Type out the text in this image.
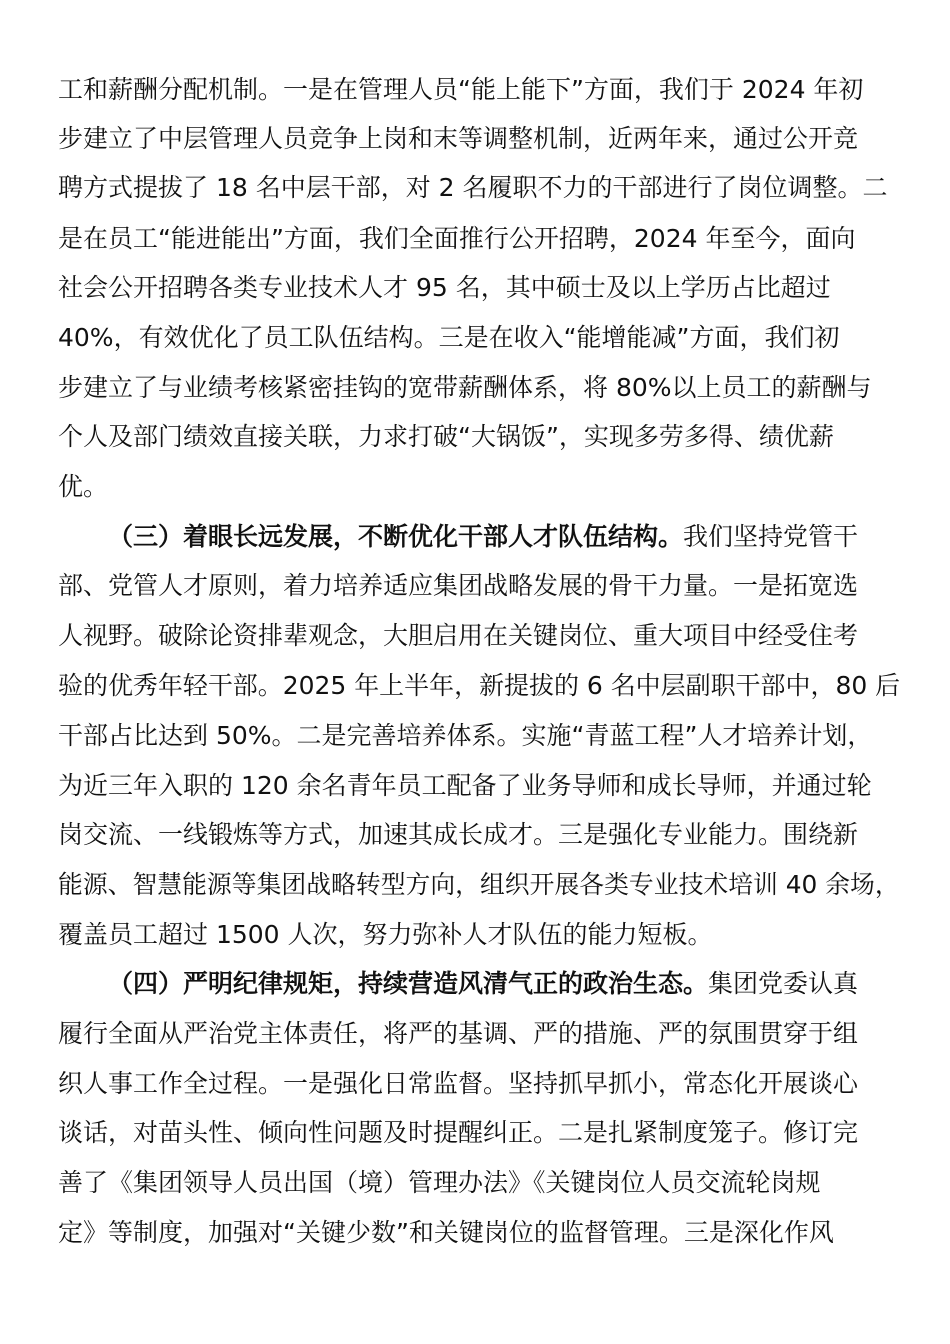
工和薪酬分配机制。一是在管理人员“能上能下”方面，我们于 2024 年初
步建立了中层管理人员竞争上岗和末等调整机制，近两年来，通过公开竞
聘方式提拔了 18 名中层干部，对 2 名履职不力的干部进行了岗位调整。二
是在员工“能进能出”方面，我们全面推行公开招聘，2024 年至今，面向
社会公开招聘各类专业技术人才 95 名，其中硕士及以上学历占比超过
40%，有效优化了员工队伍结构。三是在收入“能增能减”方面，我们初
步建立了与业绩考核紧密挂钩的宽带薪酬体系，将 80%以上员工的薪酬与
个人及部门绩效直接关联，力求打破“大锅饭”，实现多劳多得、绩优薪
优。
（三）着眼长远发展，不断优化干部人才队伍结构。我们坚持党管干
部、党管人才原则，着力培养适应集团战略发展的骨干力量。一是拓宽选
人视野。破除论资排辈观念，大胆启用在关键岗位、重大项目中经受住考
验的优秀年轻干部。2025 年上半年，新提拔的 6 名中层副职干部中，80 后
干部占比达到 50%。二是完善培养体系。实施“青蓝工程”人才培养计划，
为近三年入职的 120 余名青年员工配备了业务导师和成长导师，并通过轮
岗交流、一线锻炼等方式，加速其成长成才。三是强化专业能力。围绕新
能源、智慧能源等集团战略转型方向，组织开展各类专业技术培训 40 余场，
覆盖员工超过 1500 人次，努力弥补人才队伍的能力短板。
（四）严明纪律规矩，持续营造风清气正的政治生态。集团党委认真
履行全面从严治党主体责任，将严的基调、严的措施、严的氛围贯穿于组
织人事工作全过程。一是强化日常监督。坚持抓早抓小，常态化开展谈心
谈话，对苗头性、倾向性问题及时提醒纠正。二是扎紧制度笼子。修订完
善了《集团领导人员出国（境）管理办法》《关键岗位人员交流轮岗规
定》等制度，加强对“关键少数”和关键岗位的监督管理。三是深化作风
